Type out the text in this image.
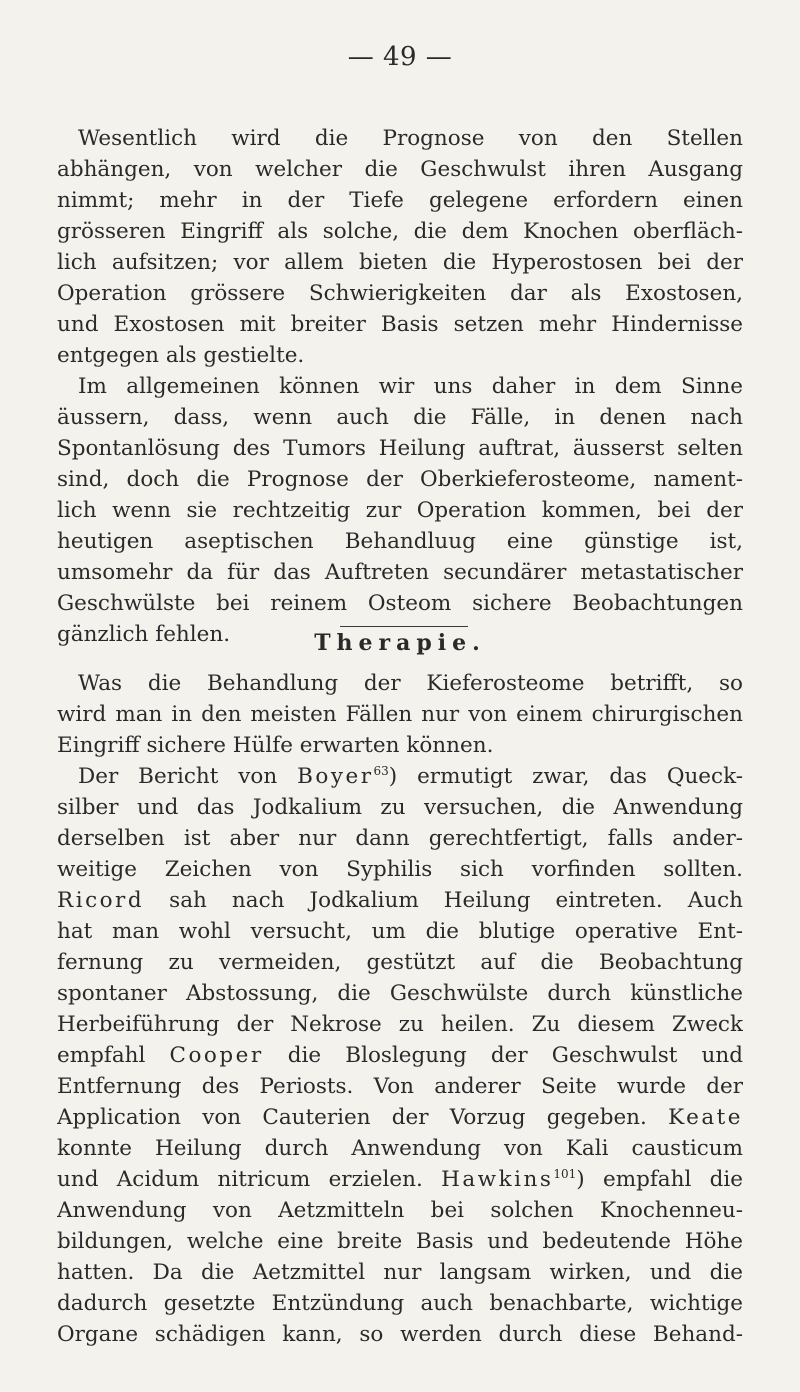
— 49 —
Wesentlich wird die Prognose von den Stellen
abhängen, von welcher die Geschwulst ihren Ausgang
nimmt; mehr in der Tiefe gelegene erfordern einen
grösseren Eingriff als solche, die dem Knochen oberfläch-
lich aufsitzen; vor allem bieten die Hyperostosen bei der
Operation grössere Schwierigkeiten dar als Exostosen,
und Exostosen mit breiter Basis setzen mehr Hindernisse
entgegen als gestielte.
Im allgemeinen können wir uns daher in dem Sinne
äussern, dass, wenn auch die Fälle, in denen nach
Spontanlösung des Tumors Heilung auftrat, äusserst selten
sind, doch die Prognose der Oberkieferosteome, nament-
lich wenn sie rechtzeitig zur Operation kommen, bei der
heutigen aseptischen Behandluug eine günstige ist,
umsomehr da für das Auftreten secundärer metastatischer
Geschwülste bei reinem Osteom sichere Beobachtungen
gänzlich fehlen.	Therapie.
Was die Behandlung der Kieferosteome betrifft, so
wird man in den meisten Fällen nur von einem chirurgischen
Eingriff sichere Hülfe erwarten können.
Der Bericht von Boyer$^{63}$) ermutigt zwar, das Queck-
silber und das Jodkalium zu versuchen, die Anwendung
derselben ist aber nur dann gerechtfertigt, falls ander-
weitige Zeichen von Syphilis sich vorfinden sollten.
Ricord sah nach Jodkalium Heilung eintreten. Auch
hat man wohl versucht, um die blutige operative Ent-
fernung zu vermeiden, gestützt auf die Beobachtung
spontaner Abstossung, die Geschwülste durch künstliche
Herbeiführung der Nekrose zu heilen. Zu diesem Zweck
empfahl Cooper die Bloslegung der Geschwulst und
Entfernung des Periosts. Von anderer Seite wurde der
Application von Cauterien der Vorzug gegeben. Keate
konnte Heilung durch Anwendung von Kali causticum
und Acidum nitricum erzielen. Hawkins$^{101}$) empfahl die
Anwendung von Aetzmitteln bei solchen Knochenneu-
bildungen, welche eine breite Basis und bedeutende Höhe
hatten. Da die Aetzmittel nur langsam wirken, und die
dadurch gesetzte Entzündung auch benachbarte, wichtige
Organe schädigen kann, so werden durch diese Behand-
